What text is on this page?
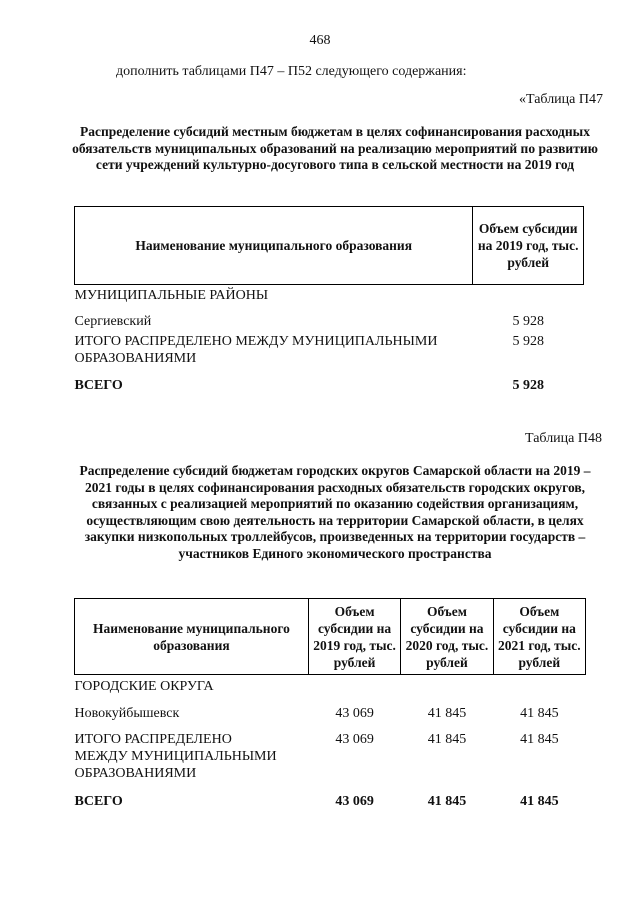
468
дополнить таблицами П47 – П52 следующего содержания:
«Таблица П47
Распределение субсидий местным бюджетам в целях софинансирования расходных обязательств муниципальных образований на реализацию мероприятий по развитию сети учреждений культурно-досугового типа в сельской местности на 2019 год
Наименование муниципального образования	Объем субсидии на 2019 год, тыс. рублей
МУНИЦИПАЛЬНЫЕ РАЙОНЫ	
Сергиевский	5 928
ИТОГО РАСПРЕДЕЛЕНО МЕЖДУ МУНИЦИПАЛЬНЫМИ ОБРАЗОВАНИЯМИ	5 928
ВСЕГО	5 928
Таблица П48
Распределение субсидий бюджетам городских округов Самарской области на 2019 – 2021 годы в целях софинансирования расходных обязательств городских округов, связанных с реализацией мероприятий по оказанию содействия организациям, осуществляющим свою деятельность на территории Самарской области, в целях закупки низкопольных троллейбусов, произведенных на территории государств – участников Единого экономического пространства
Наименование муниципального образования	Объем субсидии на 2019 год, тыс. рублей	Объем субсидии на 2020 год, тыс. рублей	Объем субсидии на 2021 год, тыс. рублей
ГОРОДСКИЕ ОКРУГА			
Новокуйбышевск	43 069	41 845	41 845
ИТОГО РАСПРЕДЕЛЕНО МЕЖДУ МУНИЦИПАЛЬНЫМИ ОБРАЗОВАНИЯМИ	43 069	41 845	41 845
ВСЕГО	43 069	41 845	41 845
